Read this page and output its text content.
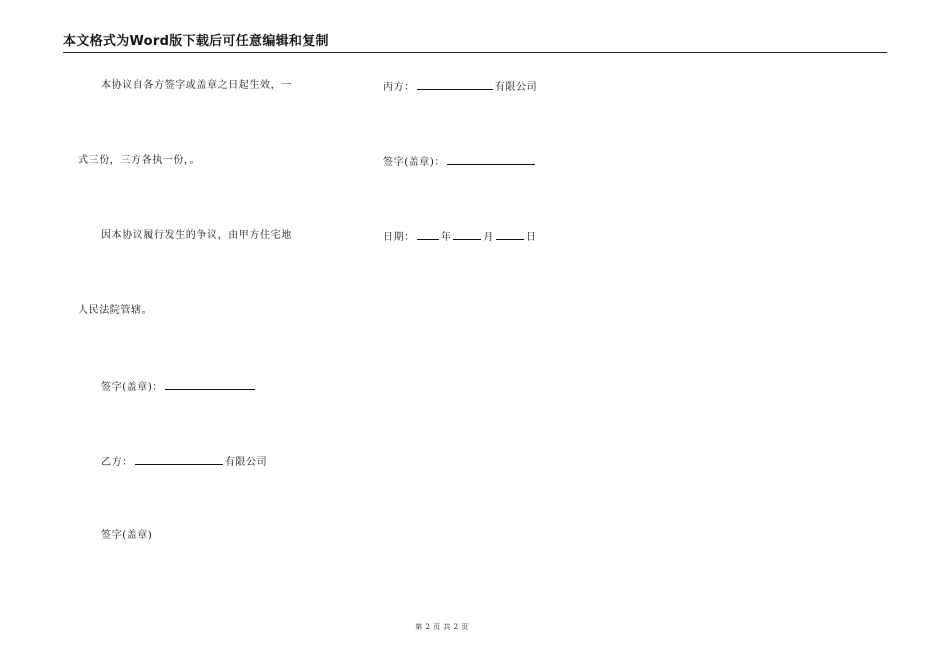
本文格式为Word版下载后可任意编辑和复制
本协议自各方签字或盖章之日起生效，一
式三份，三方各执一份，。
因本协议履行发生的争议，由甲方住宅地
人民法院管辖。
签字(盖章)：
乙方：	有限公司
签字(盖章)
丙方：	有限公司
签字(盖章)：
日期：	年	月	日
第 2 页 共 2 页
